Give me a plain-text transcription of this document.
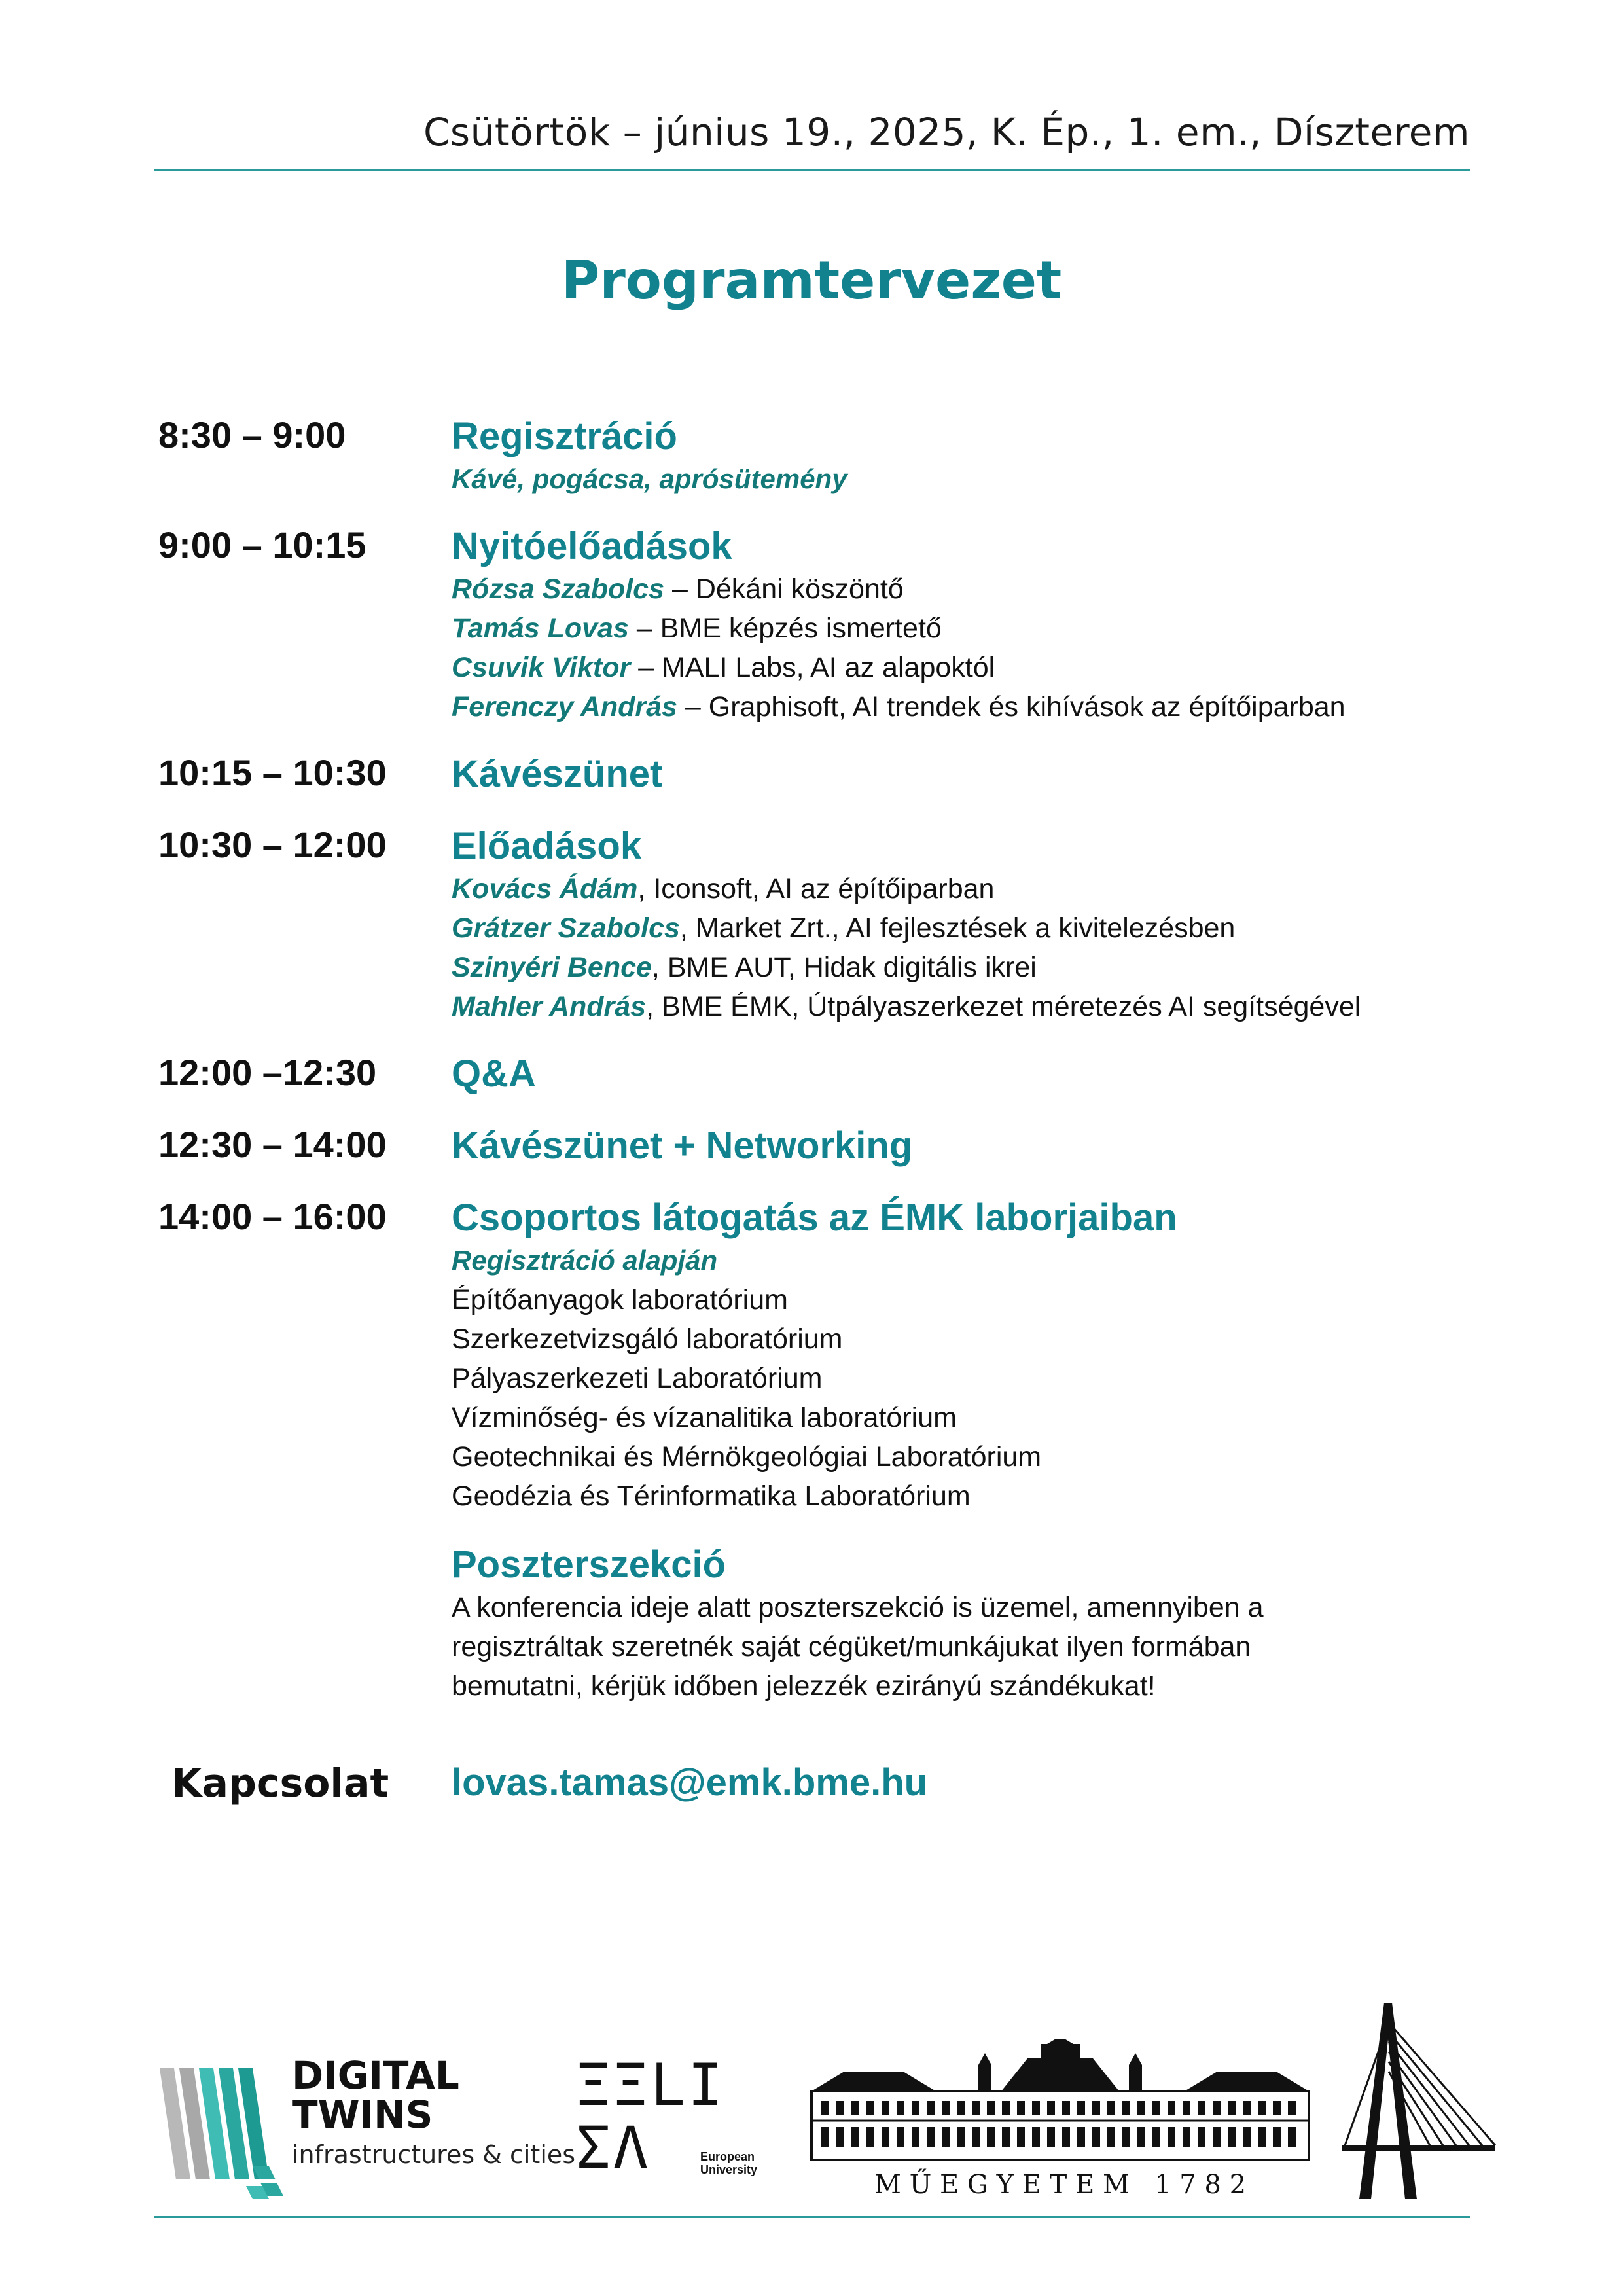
Csütörtök – június 19., 2025, K. Ép., 1. em., Díszterem
Programtervezet
8:30 – 9:00	Regisztráció
Kávé, pogácsa, aprósütemény
9:00 – 10:15 Nyitóelőadások
Rózsa Szabolcs – Dékáni köszöntő
Tamás Lovas – BME képzés ismertető
Csuvik Viktor – MALI Labs, AI az alapoktól
Ferenczy András – Graphisoft, AI trendek és kihívások az építőiparban
10:15 – 10:30 Kávészünet
10:30 – 12:00 Előadások
Kovács Ádám, Iconsoft, AI az építőiparban
Grátzer Szabolcs, Market Zrt., AI fejlesztések a kivitelezésben
Szinyéri Bence, BME AUT, Hidak digitális ikrei
Mahler András, BME ÉMK, Útpályaszerkezet méretezés AI segítségével
12:00 –12:30 Q&A
12:30 – 14:00 Kávészünet + Networking
14:00 – 16:00 Csoportos látogatás az ÉMK laborjaiban
Regisztráció alapján
Építőanyagok laboratórium
Szerkezetvizsgáló laboratórium
Pályaszerkezeti Laboratórium
Vízminőség- és vízanalitika laboratórium
Geotechnikai és Mérnökgeológiai Laboratórium
Geodézia és Térinformatika Laboratórium
Poszterszekció
A konferencia ideje alatt poszterszekció is üzemel, amennyiben a
regisztráltak szeretnék saját cégüket/munkájukat ilyen formában
bemutatni, kérjük időben jelezzék ezirányú szándékukat!
Kapcsolat lovas.tamas@emk.bme.hu
DIGITAL
TWINS
infrastructures & cities
ΞΞLI
ΣΛ	European
University	M Ű E G Y E T E M   1 7 8 2
